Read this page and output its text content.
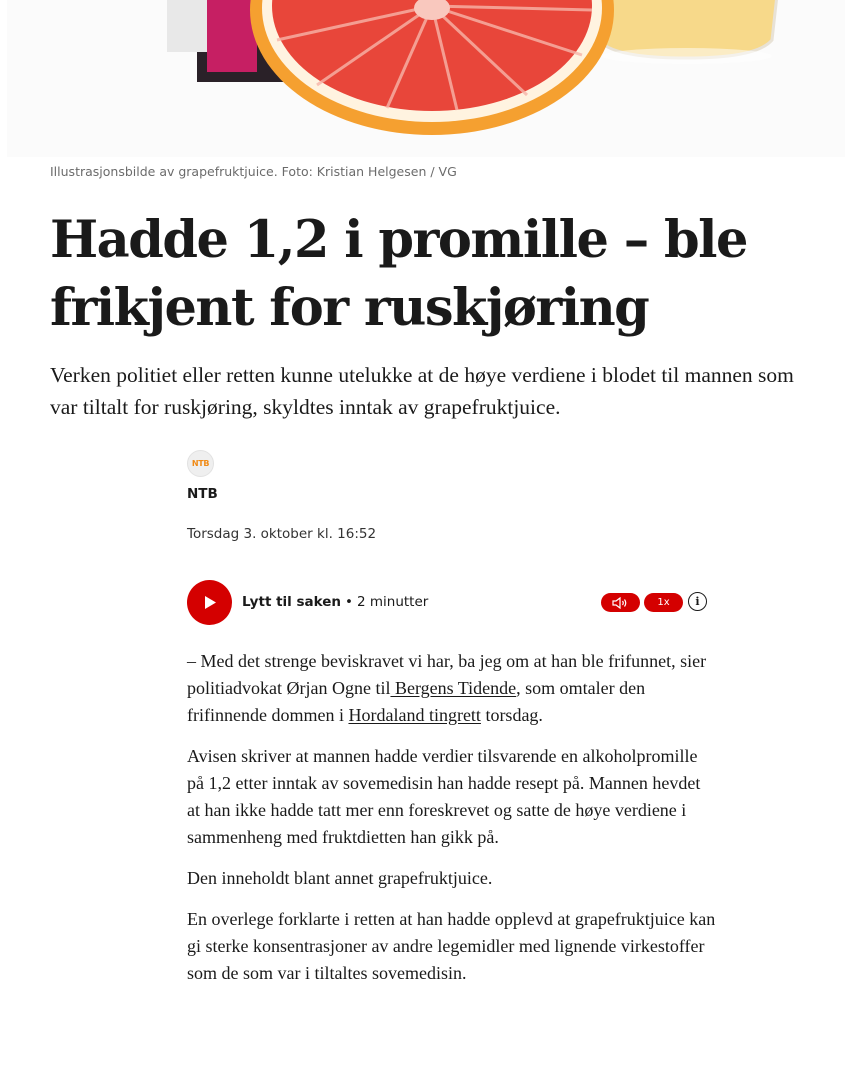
Illustrasjonsbilde av grapefruktjuice. Foto: Kristian Helgesen / VG
Hadde 1,2 i promille – ble frikjent for ruskjøring

Verken politiet eller retten kunne utelukke at de høye verdiene i blodet til mannen som var tiltalt for ruskjøring, skyldtes inntak av grapefruktjuice.

NTB
NTB
Torsdag 3. oktober kl. 16:52
Lytt til saken • 2 minutter	1x	i

– Med det strenge beviskravet vi har, ba jeg om at han ble frifunnet, sier politiadvokat Ørjan Ogne til Bergens Tidende, som omtaler den frifinnende dommen i Hordaland tingrett torsdag.

Avisen skriver at mannen hadde verdier tilsvarende en alkoholpromille på 1,2 etter inntak av sovemedisin han hadde resept på. Mannen hevdet at han ikke hadde tatt mer enn foreskrevet og satte de høye verdiene i sammenheng med fruktdietten han gikk på.

Den inneholdt blant annet grapefruktjuice.

En overlege forklarte i retten at han hadde opplevd at grapefruktjuice kan gi sterke konsentrasjoner av andre legemidler med lignende virkestoffer som de som var i tiltaltes sovemedisin.
